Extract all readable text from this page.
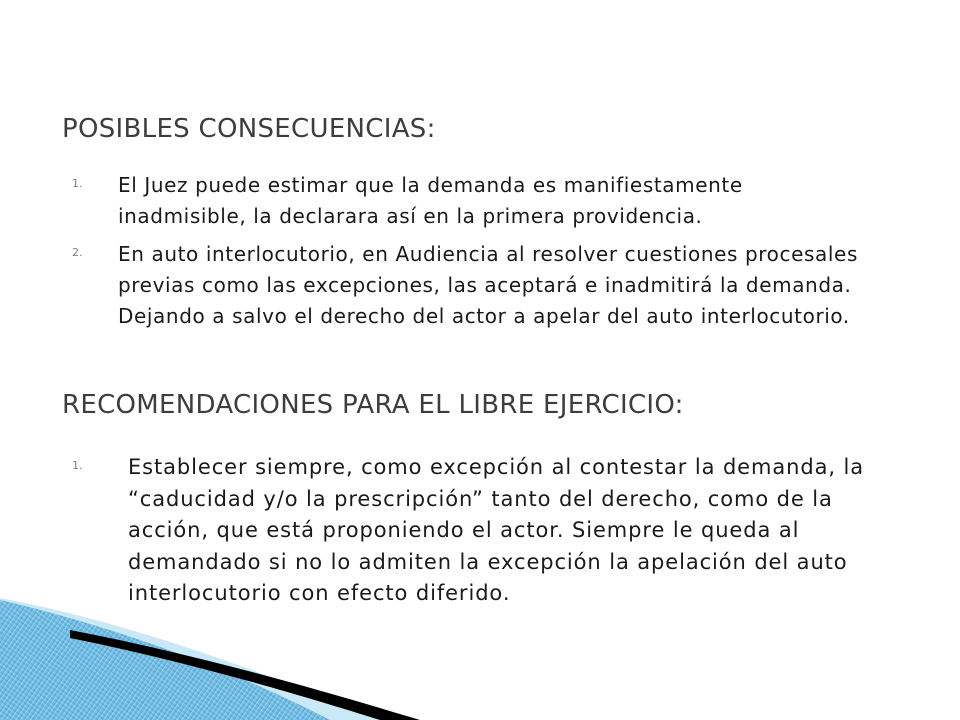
POSIBLES CONSECUENCIAS:
1. El Juez puede estimar que la demanda es manifiestamente inadmisible, la declarara así en la primera providencia.
2. En auto interlocutorio, en Audiencia al resolver cuestiones procesales previas como las excepciones, las aceptará e inadmitirá la demanda. Dejando a salvo el derecho del actor a apelar del auto interlocutorio.
RECOMENDACIONES PARA EL LIBRE EJERCICIO:
1. Establecer siempre, como excepción al contestar la demanda, la “caducidad y/o la prescripción” tanto del derecho, como de la acción, que está proponiendo el actor. Siempre le queda al demandado si no lo admiten la excepción la apelación del auto interlocutorio con efecto diferido.
